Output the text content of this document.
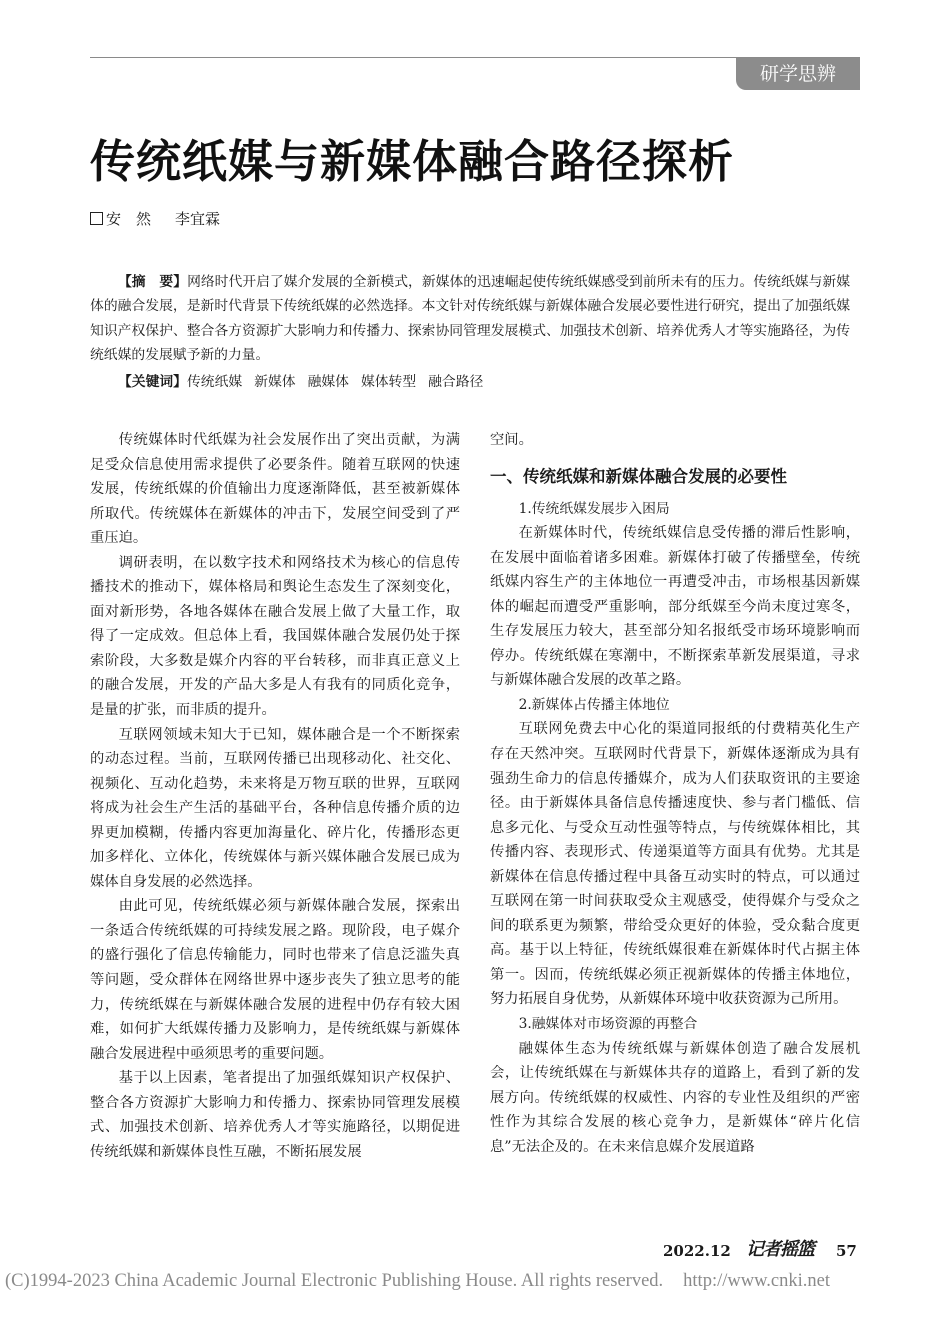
研学思辨
传统纸媒与新媒体融合路径探析
安　然 李宜霖
【摘　要】网络时代开启了媒介发展的全新模式，新媒体的迅速崛起使传统纸媒感受到前所未有的压力。传统纸媒与新媒体的融合发展，是新时代背景下传统纸媒的必然选择。本文针对传统纸媒与新媒体融合发展必要性进行研究，提出了加强纸媒知识产权保护、整合各方资源扩大影响力和传播力、探索协同管理发展模式、加强技术创新、培养优秀人才等实施路径，为传统纸媒的发展赋予新的力量。
【关键词】传统纸媒 新媒体 融媒体 媒体转型 融合路径

传统媒体时代纸媒为社会发展作出了突出贡献，为满足受众信息使用需求提供了必要条件。随着互联网的快速发展，传统纸媒的价值输出力度逐渐降低，甚至被新媒体所取代。传统媒体在新媒体的冲击下，发展空间受到了严重压迫。

调研表明，在以数字技术和网络技术为核心的信息传播技术的推动下，媒体格局和舆论生态发生了深刻变化，面对新形势，各地各媒体在融合发展上做了大量工作，取得了一定成效。但总体上看，我国媒体融合发展仍处于探索阶段，大多数是媒介内容的平台转移，而非真正意义上的融合发展，开发的产品大多是人有我有的同质化竞争，是量的扩张，而非质的提升。

互联网领域未知大于已知，媒体融合是一个不断探索的动态过程。当前，互联网传播已出现移动化、社交化、视频化、互动化趋势，未来将是万物互联的世界，互联网将成为社会生产生活的基础平台，各种信息传播介质的边界更加模糊，传播内容更加海量化、碎片化，传播形态更加多样化、立体化，传统媒体与新兴媒体融合发展已成为媒体自身发展的必然选择。

由此可见，传统纸媒必须与新媒体融合发展，探索出一条适合传统纸媒的可持续发展之路。现阶段，电子媒介的盛行强化了信息传输能力，同时也带来了信息泛滥失真等问题，受众群体在网络世界中逐步丧失了独立思考的能力，传统纸媒在与新媒体融合发展的进程中仍存有较大困难，如何扩大纸媒传播力及影响力，是传统纸媒与新媒体融合发展进程中亟须思考的重要问题。

基于以上因素，笔者提出了加强纸媒知识产权保护、整合各方资源扩大影响力和传播力、探索协同管理发展模式、加强技术创新、培养优秀人才等实施路径，以期促进传统纸媒和新媒体良性互融，不断拓展发展

空间。

一、传统纸媒和新媒体融合发展的必要性
1.传统纸媒发展步入困局

在新媒体时代，传统纸媒信息受传播的滞后性影响，在发展中面临着诸多困难。新媒体打破了传播壁垒，传统纸媒内容生产的主体地位一再遭受冲击，市场根基因新媒体的崛起而遭受严重影响，部分纸媒至今尚未度过寒冬，生存发展压力较大，甚至部分知名报纸受市场环境影响而停办。传统纸媒在寒潮中，不断探索革新发展渠道，寻求与新媒体融合发展的改革之路。

2.新媒体占传播主体地位

互联网免费去中心化的渠道同报纸的付费精英化生产存在天然冲突。互联网时代背景下，新媒体逐渐成为具有强劲生命力的信息传播媒介，成为人们获取资讯的主要途径。由于新媒体具备信息传播速度快、参与者门槛低、信息多元化、与受众互动性强等特点，与传统媒体相比，其传播内容、表现形式、传递渠道等方面具有优势。尤其是新媒体在信息传播过程中具备互动实时的特点，可以通过互联网在第一时间获取受众主观感受，使得媒介与受众之间的联系更为频繁，带给受众更好的体验，受众黏合度更高。基于以上特征，传统纸媒很难在新媒体时代占据主体第一。因而，传统纸媒必须正视新媒体的传播主体地位，努力拓展自身优势，从新媒体环境中收获资源为己所用。

3.融媒体对市场资源的再整合

融媒体生态为传统纸媒与新媒体创造了融合发展机会，让传统纸媒在与新媒体共存的道路上，看到了新的发展方向。传统纸媒的权威性、内容的专业性及组织的严密性作为其综合发展的核心竞争力，是新媒体“碎片化信息”无法企及的。在未来信息媒介发展道路

2022.12 记者摇篮 57
(C)1994-2023 China Academic Journal Electronic Publishing House. All rights reserved. http://www.cnki.net
